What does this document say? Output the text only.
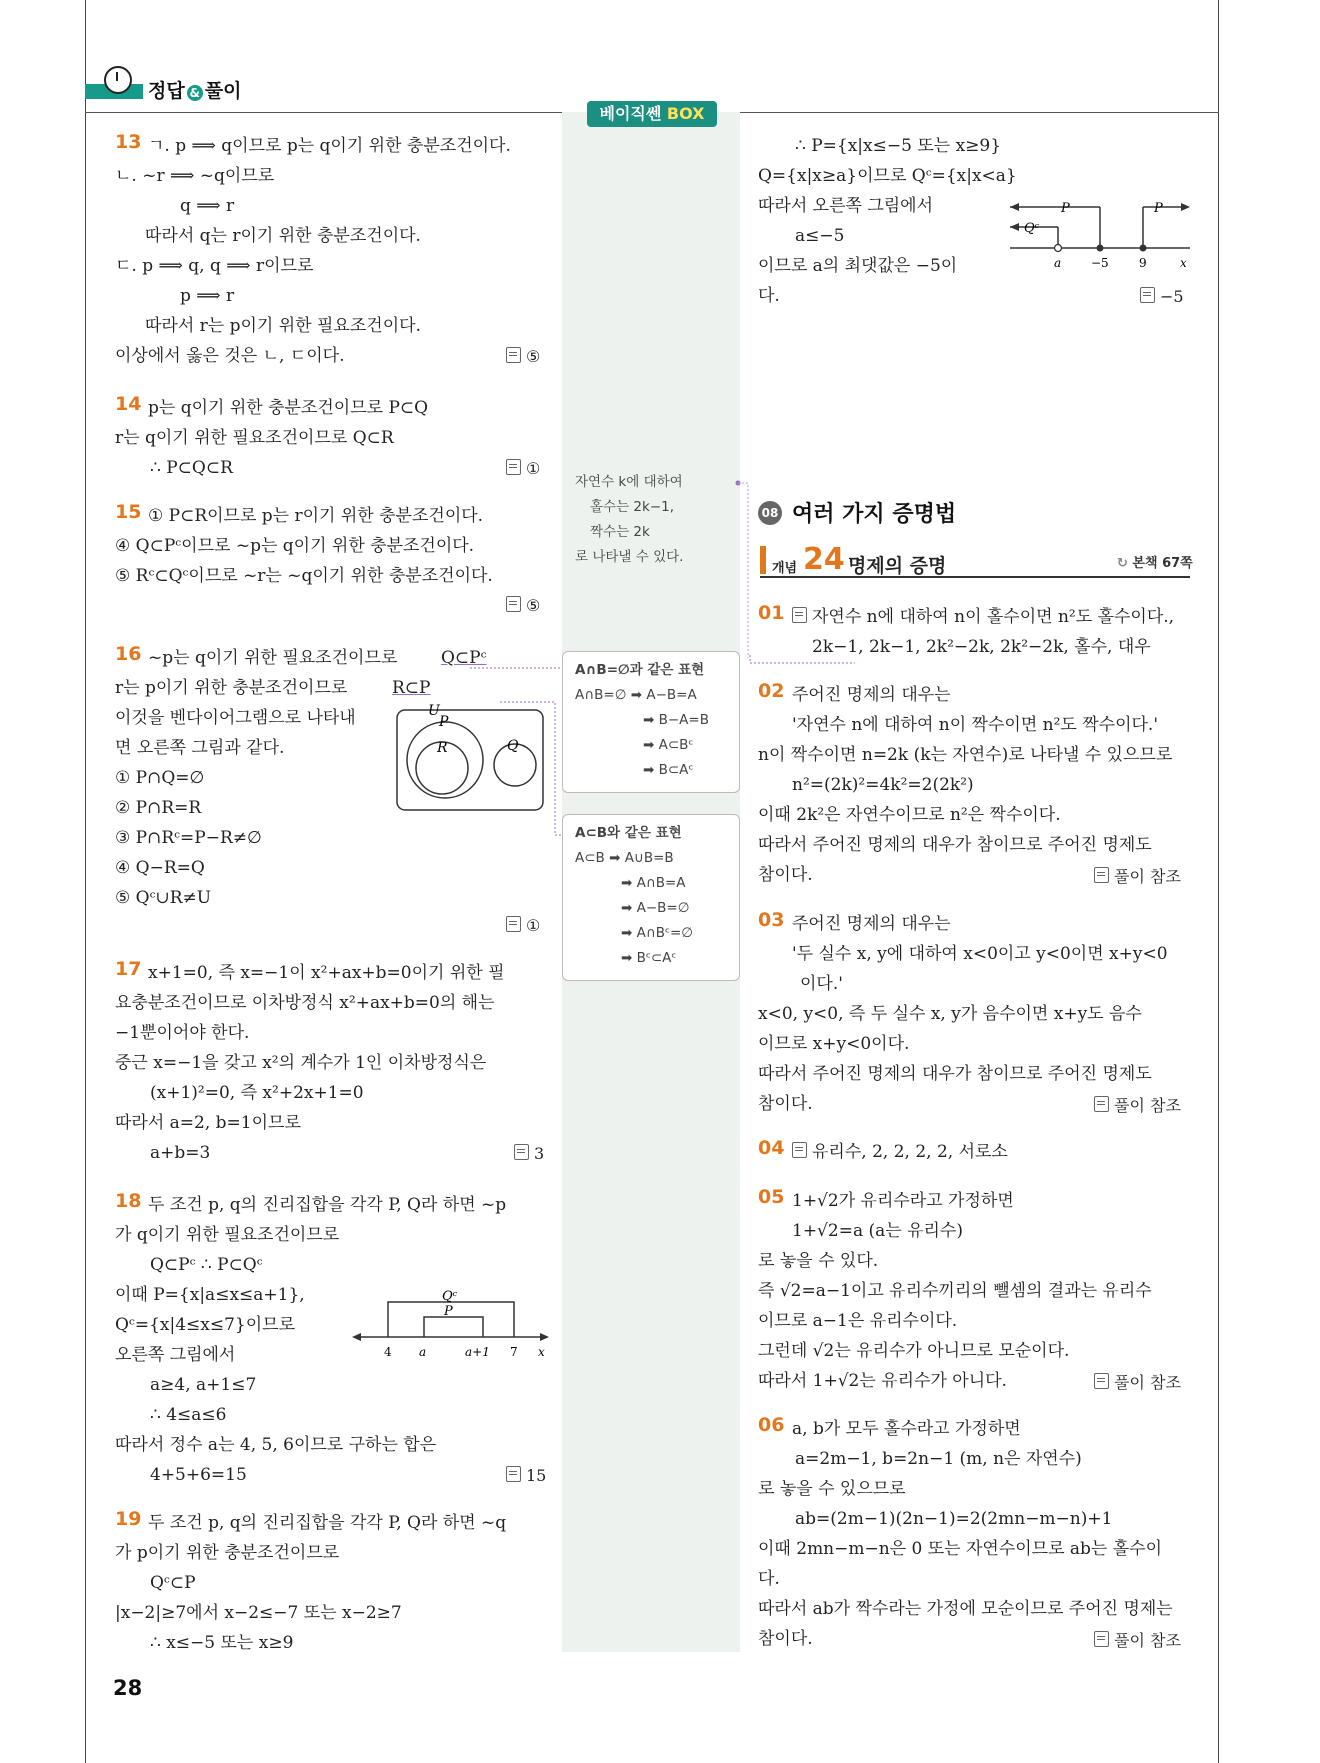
정답 & 풀이
베이직쎈 BOX
13 ㄱ. p ⟹ q이므로 p는 q이기 위한 충분조건이다.
ㄴ. ~r ⟹ ~q이므로
q ⟹ r
따라서 q는 r이기 위한 충분조건이다.
ㄷ. p ⟹ q, q ⟹ r이므로
p ⟹ r
따라서 r는 p이기 위한 필요조건이다.
이상에서 옳은 것은 ㄴ, ㄷ이다.	⑤
14 p는 q이기 위한 충분조건이므로 P⊂Q
r는 q이기 위한 필요조건이므로 Q⊂R
∴ P⊂Q⊂R	①
15 ① P⊂R이므로 p는 r이기 위한 충분조건이다.
④ Q⊂Pᶜ이므로 ~p는 q이기 위한 충분조건이다.
⑤ Rᶜ⊂Qᶜ이므로 ~r는 ~q이기 위한 충분조건이다.
⑤
16 ~p는 q이기 위한 필요조건이므로	Q⊂Pᶜ
r는 p이기 위한 충분조건이므로	R⊂P
이것을 벤다이어그램으로 나타내
면 오른쪽 그림과 같다.
① P∩Q=∅
② P∩R=R
③ P∩Rᶜ=P−R≠∅
④ Q−R=Q
⑤ Qᶜ∪R≠U
①
U
P
R	Q
17 x+1=0, 즉 x=−1이 x²+ax+b=0이기 위한 필
요충분조건이므로 이차방정식 x²+ax+b=0의 해는
−1뿐이어야 한다.
중근 x=−1을 갖고 x²의 계수가 1인 이차방정식은
(x+1)²=0, 즉 x²+2x+1=0
따라서 a=2, b=1이므로
a+b=3	3
18 두 조건 p, q의 진리집합을 각각 P, Q라 하면 ~p
가 q이기 위한 필요조건이므로
Q⊂Pᶜ ∴ P⊂Qᶜ
이때 P={x|a≤x≤a+1},
Qᶜ={x|4≤x≤7}이므로
오른쪽 그림에서
a≥4, a+1≤7
∴ 4≤a≤6
따라서 정수 a는 4, 5, 6이므로 구하는 합은
4+5+6=15	15
Qᶜ
P
4 a	a+1 7 x
19 두 조건 p, q의 진리집합을 각각 P, Q라 하면 ~q
가 p이기 위한 충분조건이므로
Qᶜ⊂P
|x−2|≥7에서 x−2≤−7 또는 x−2≥7
∴ x≤−5 또는 x≥9
자연수 k에 대하여
홀수는 2k−1,
짝수는 2k
로 나타낼 수 있다.
A∩B=∅과 같은 표현
A∩B=∅ ➡ A−B=A
➡ B−A=B
➡ A⊂Bᶜ
➡ B⊂Aᶜ
A⊂B와 같은 표현
A⊂B ➡ A∪B=B
➡ A∩B=A
➡ A−B=∅
➡ A∩Bᶜ=∅
➡ Bᶜ⊂Aᶜ
∴ P={x|x≤−5 또는 x≥9}
Q={x|x≥a}이므로 Qᶜ={x|x<a}
따라서 오른쪽 그림에서
a≤−5
이므로 a의 최댓값은 −5이
다.	−5
P	P
Qᶜ
a −5	9	x
08 여러 가지 증명법
개념 24 명제의 증명	↻ 본책 67쪽
01	자연수 n에 대하여 n이 홀수이면 n²도 홀수이다.,
2k−1, 2k−1, 2k²−2k, 2k²−2k, 홀수, 대우
02 주어진 명제의 대우는
'자연수 n에 대하여 n이 짝수이면 n²도 짝수이다.'
n이 짝수이면 n=2k (k는 자연수)로 나타낼 수 있으므로
n²=(2k)²=4k²=2(2k²)
이때 2k²은 자연수이므로 n²은 짝수이다.
따라서 주어진 명제의 대우가 참이므로 주어진 명제도
참이다.	풀이 참조
03 주어진 명제의 대우는
'두 실수 x, y에 대하여 x<0이고 y<0이면 x+y<0
이다.'
x<0, y<0, 즉 두 실수 x, y가 음수이면 x+y도 음수
이므로 x+y<0이다.
따라서 주어진 명제의 대우가 참이므로 주어진 명제도
참이다.	풀이 참조
04	유리수, 2, 2, 2, 2, 서로소
05 1+√2가 유리수라고 가정하면
1+√2=a (a는 유리수)
로 놓을 수 있다.
즉 √2=a−1이고 유리수끼리의 뺄셈의 결과는 유리수
이므로 a−1은 유리수이다.
그런데 √2는 유리수가 아니므로 모순이다.
따라서 1+√2는 유리수가 아니다.	풀이 참조
06 a, b가 모두 홀수라고 가정하면
a=2m−1, b=2n−1 (m, n은 자연수)
로 놓을 수 있으므로
ab=(2m−1)(2n−1)=2(2mn−m−n)+1
이때 2mn−m−n은 0 또는 자연수이므로 ab는 홀수이
다.
따라서 ab가 짝수라는 가정에 모순이므로 주어진 명제는
참이다.	풀이 참조
28
